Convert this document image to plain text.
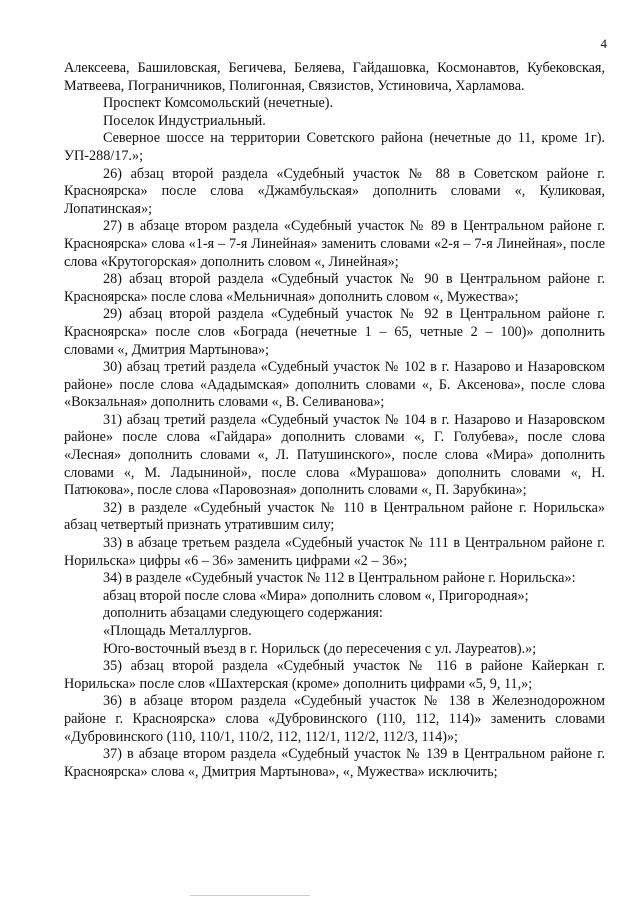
4

Алексеева, Башиловская, Бегичева, Беляева, Гайдашовка, Космонавтов, Кубековская, Матвеева, Пограничников, Полигонная, Связистов, Устиновича, Харламова.

Проспект Комсомольский (нечетные).

Поселок Индустриальный.

Северное шоссе на территории Советского района (нечетные до 11, кроме 1г). УП-288/17.»;

26) абзац второй раздела «Судебный участок № 88 в Советском районе г. Красноярска» после слова «Джамбульская» дополнить словами «, Куликовая, Лопатинская»;

27) в абзаце втором раздела «Судебный участок № 89 в Центральном районе г. Красноярска» слова «1-я – 7-я Линейная» заменить словами «2-я – 7-я Линейная», после слова «Крутогорская» дополнить словом «, Линейная»;

28) абзац второй раздела «Судебный участок № 90 в Центральном районе г. Красноярска» после слова «Мельничная» дополнить словом «, Мужества»;

29) абзац второй раздела «Судебный участок № 92 в Центральном районе г. Красноярска» после слов «Бограда (нечетные 1 – 65, четные 2 – 100)» дополнить словами «, Дмитрия Мартынова»;

30) абзац третий раздела «Судебный участок № 102 в г. Назарово и Назаровском районе» после слова «Ададымская» дополнить словами «, Б. Аксенова», после слова «Вокзальная» дополнить словами «, В. Селиванова»;

31) абзац третий раздела «Судебный участок № 104 в г. Назарово и Назаровском районе» после слова «Гайдара» дополнить словами «, Г. Голубева», после слова «Лесная» дополнить словами «, Л. Патушинского», после слова «Мира» дополнить словами «, М. Ладыниной», после слова «Мурашова» дополнить словами «, Н. Патюкова», после слова «Паровозная» дополнить словами «, П. Зарубкина»;

32) в разделе «Судебный участок № 110 в Центральном районе г. Норильска» абзац четвертый признать утратившим силу;

33) в абзаце третьем раздела «Судебный участок № 111 в Центральном районе г. Норильска» цифры «6 – 36» заменить цифрами «2 – 36»;

34) в разделе «Судебный участок № 112 в Центральном районе г. Норильска»:

абзац второй после слова «Мира» дополнить словом «, Пригородная»;

дополнить абзацами следующего содержания:

«Площадь Металлургов.

Юго-восточный въезд в г. Норильск (до пересечения с ул. Лауреатов).»;

35) абзац второй раздела «Судебный участок № 116 в районе Кайеркан г. Норильска» после слов «Шахтерская (кроме» дополнить цифрами «5, 9, 11,»;

36) в абзаце втором раздела «Судебный участок № 138 в Железнодорожном районе г. Красноярска» слова «Дубровинского (110, 112, 114)» заменить словами «Дубровинского (110, 110/1, 110/2, 112, 112/1, 112/2, 112/3, 114)»;

37) в абзаце втором раздела «Судебный участок № 139 в Центральном районе г. Красноярска» слова «, Дмитрия Мартынова», «, Мужества» исключить;
